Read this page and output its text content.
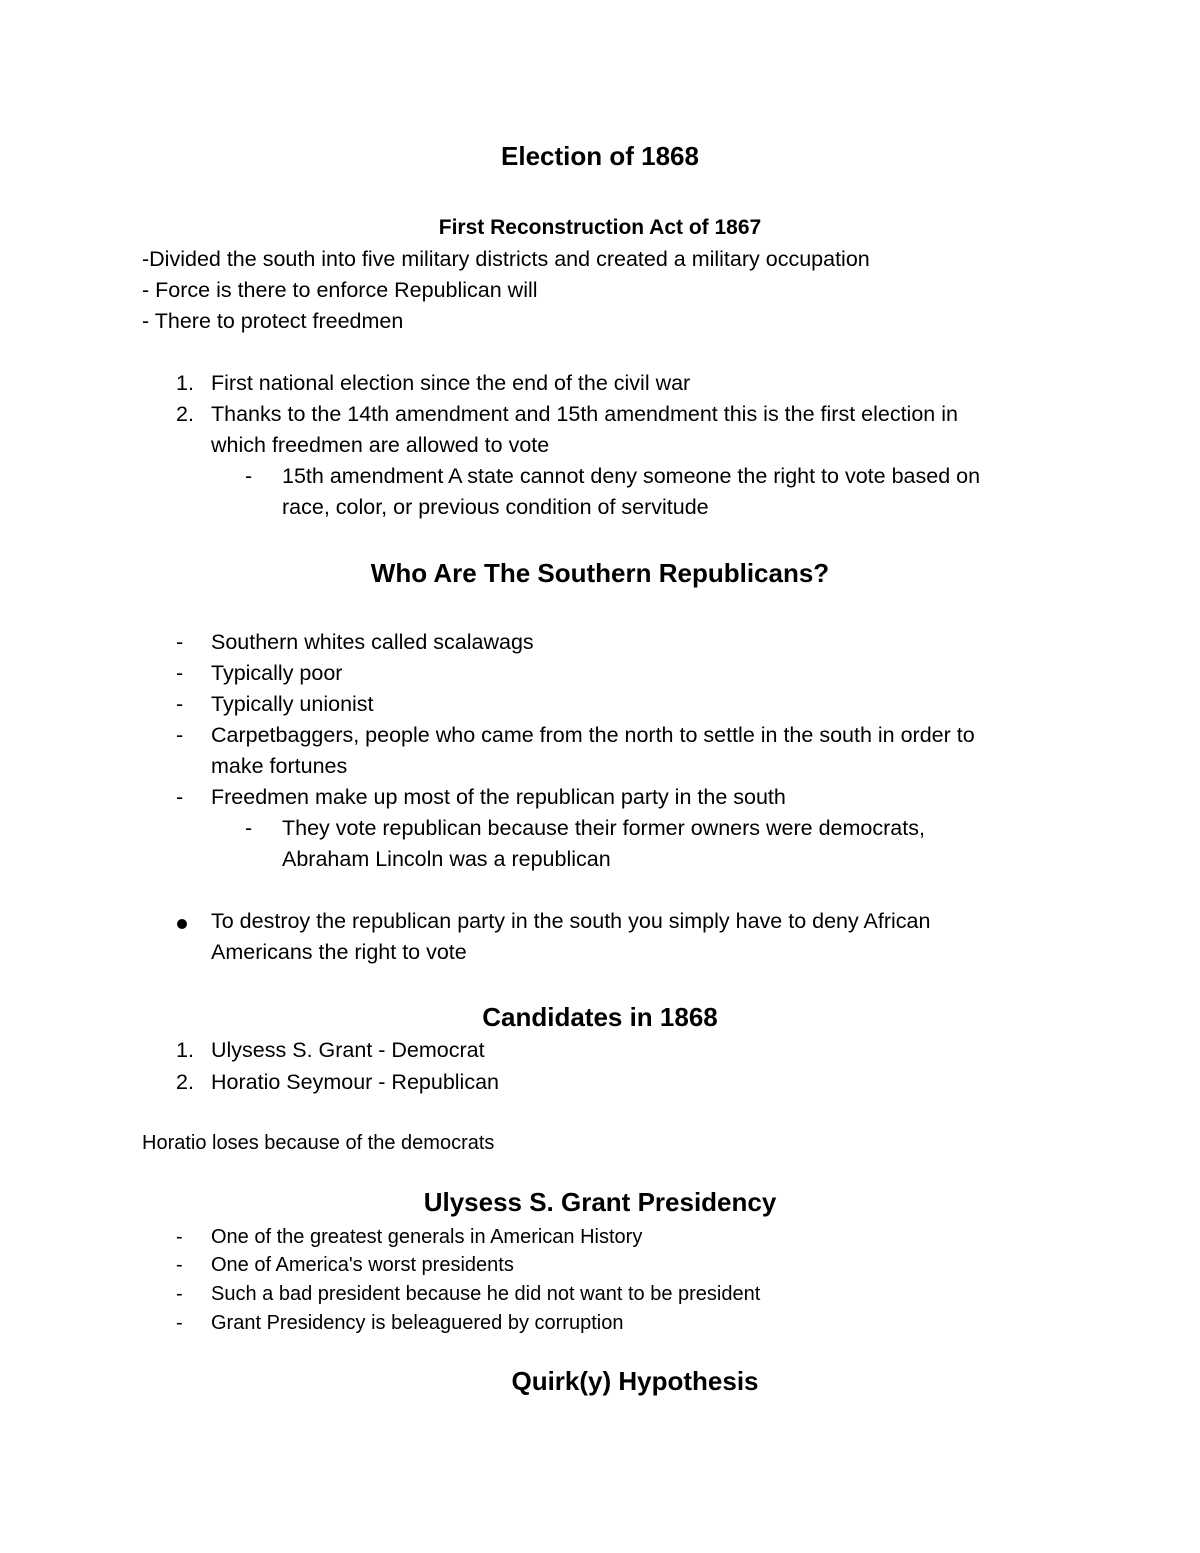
Election of 1868
First Reconstruction Act of 1867
-Divided the south into five military districts and created a military occupation
- Force is there to enforce Republican will
- There to protect freedmen
1. First national election since the end of the civil war
2. Thanks to the 14th amendment and 15th amendment this is the first election in
which freedmen are allowed to vote
- 15th amendment A state cannot deny someone the right to vote based on
race, color, or previous condition of servitude
Who Are The Southern Republicans?
- Southern whites called scalawags
- Typically poor
- Typically unionist
- Carpetbaggers, people who came from the north to settle in the south in order to
make fortunes
- Freedmen make up most of the republican party in the south
- They vote republican because their former owners were democrats,
Abraham Lincoln was a republican
To destroy the republican party in the south you simply have to deny African
Americans the right to vote
Candidates in 1868
1. Ulysess S. Grant - Democrat
2. Horatio Seymour - Republican
Horatio loses because of the democrats
Ulysess S. Grant Presidency
- One of the greatest generals in American History
- One of America's worst presidents
- Such a bad president because he did not want to be president
- Grant Presidency is beleaguered by corruption
Quirk(y) Hypothesis
